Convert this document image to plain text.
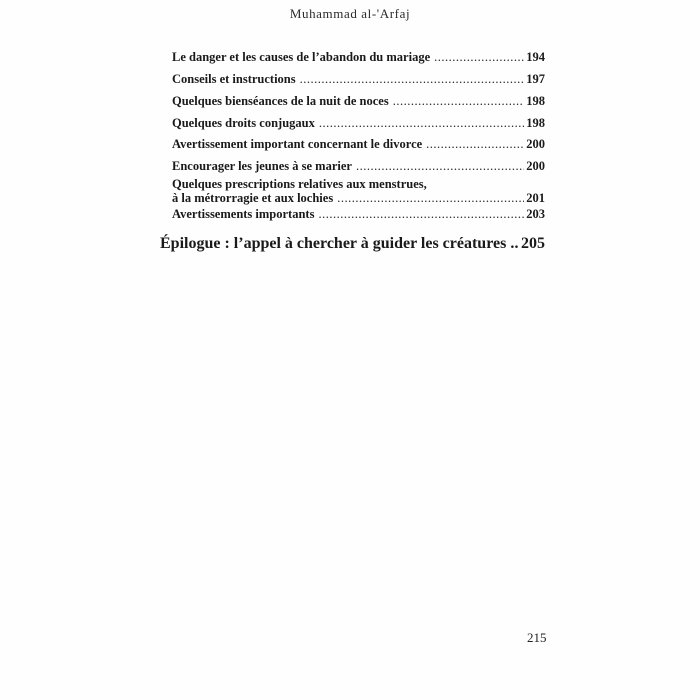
Muhammad al-'Arfaj
Le danger et les causes de l’abandon du mariage .....	194
Conseils et instructions .....	197
Quelques bienséances de la nuit de noces .....	198
Quelques droits conjugaux .....	198
Avertissement important concernant le divorce .....	200
Encourager les jeunes à se marier .....	200
Quelques prescriptions relatives aux menstrues,
à la métrorragie et aux lochies .....	201
Avertissements importants .....	203
Épilogue : l’appel à chercher à guider les créatures ..... 205
215
